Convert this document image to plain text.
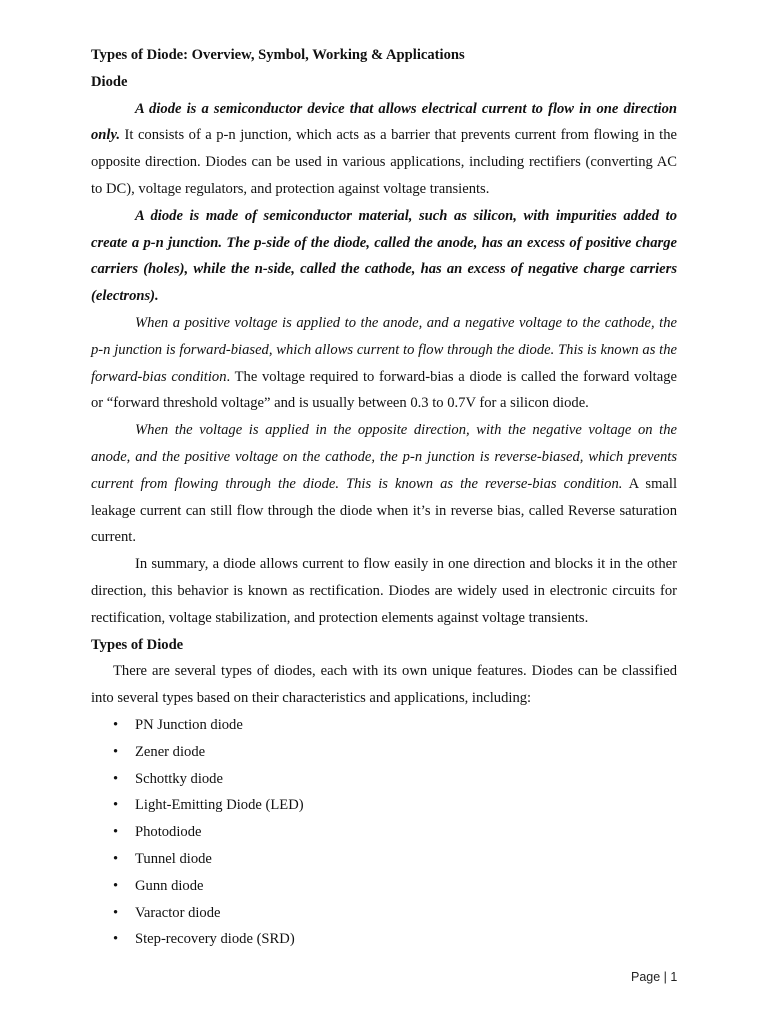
Types of Diode: Overview, Symbol, Working & Applications
Diode

A diode is a semiconductor device that allows electrical current to flow in one direction only. It consists of a p-n junction, which acts as a barrier that prevents current from flowing in the opposite direction. Diodes can be used in various applications, including rectifiers (converting AC to DC), voltage regulators, and protection against voltage transients.

A diode is made of semiconductor material, such as silicon, with impurities added to create a p-n junction. The p-side of the diode, called the anode, has an excess of positive charge carriers (holes), while the n-side, called the cathode, has an excess of negative charge carriers (electrons).

When a positive voltage is applied to the anode, and a negative voltage to the cathode, the p-n junction is forward-biased, which allows current to flow through the diode. This is known as the forward-bias condition. The voltage required to forward-bias a diode is called the forward voltage or “forward threshold voltage” and is usually between 0.3 to 0.7V for a silicon diode.

When the voltage is applied in the opposite direction, with the negative voltage on the anode, and the positive voltage on the cathode, the p-n junction is reverse-biased, which prevents current from flowing through the diode. This is known as the reverse-bias condition. A small leakage current can still flow through the diode when it’s in reverse bias, called Reverse saturation current.

In summary, a diode allows current to flow easily in one direction and blocks it in the other direction, this behavior is known as rectification. Diodes are widely used in electronic circuits for rectification, voltage stabilization, and protection elements against voltage transients.

Types of Diode

There are several types of diodes, each with its own unique features. Diodes can be classified into several types based on their characteristics and applications, including:

• PN Junction diode
• Zener diode
• Schottky diode
• Light-Emitting Diode (LED)
• Photodiode
• Tunnel diode
• Gunn diode
• Varactor diode
• Step-recovery diode (SRD)
Page | 1
